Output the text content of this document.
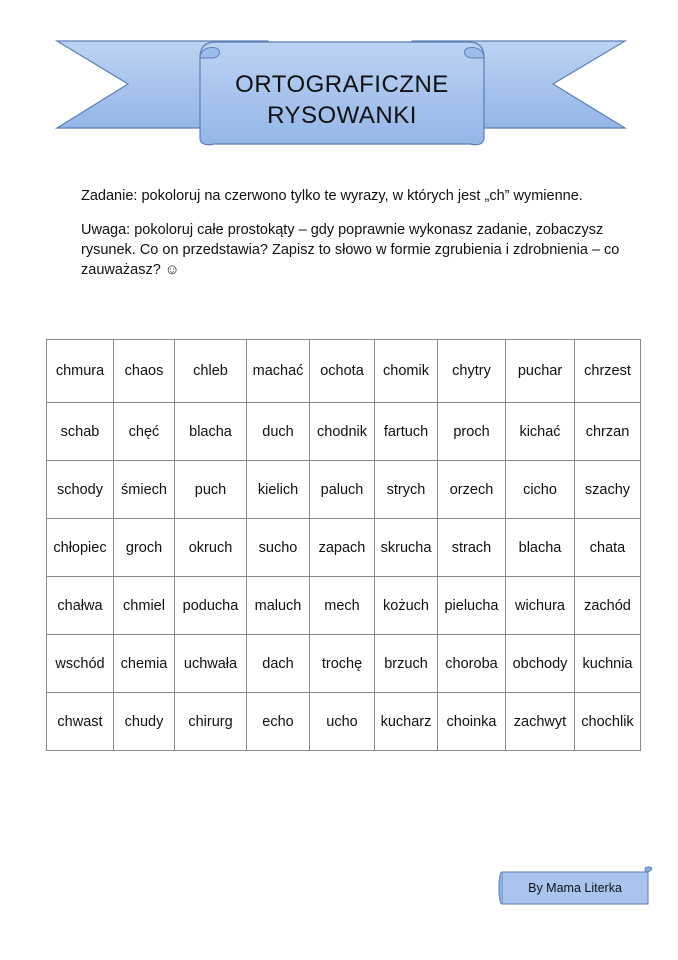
ORTOGRAFICZNE
RYSOWANKI

Zadanie: pokoloruj na czerwono tylko te wyrazy, w których jest „ch” wymienne.

Uwaga: pokoloruj całe prostokąty – gdy poprawnie wykonasz zadanie, zobaczysz rysunek. Co on przedstawia? Zapisz to słowo w formie zgrubienia i zdrobnienia – co zauważasz? ☺

chmura	chaos	chleb	machać	ochota	chomik	chytry	puchar	chrzest
schab	chęć	blacha	duch	chodnik	fartuch	proch	kichać	chrzan
schody	śmiech	puch	kielich	paluch	strych	orzech	cicho	szachy
chłopiec	groch	okruch	sucho	zapach	skrucha	strach	blacha	chata
chałwa	chmiel	poducha	maluch	mech	kożuch	pielucha	wichura	zachód
wschód	chemia	uchwała	dach	trochę	brzuch	choroba	obchody	kuchnia
chwast	chudy	chirurg	echo	ucho	kucharz	choinka	zachwyt	chochlik
By Mama Literka
